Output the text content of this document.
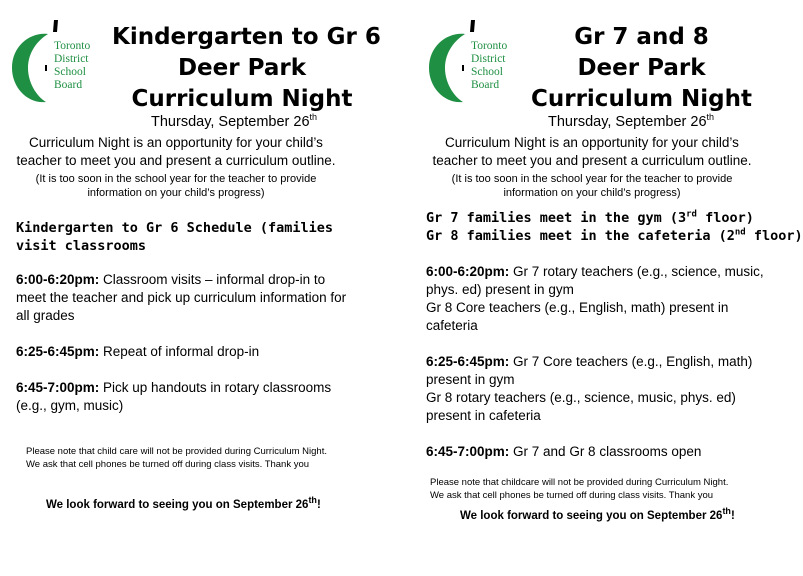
Toronto
District
School
Board
Kindergarten to Gr 6
Deer Park
Curriculum Night
Thursday, September 26th
Curriculum Night is an opportunity for your child’s
teacher to meet you and present a curriculum outline.
(It is too soon in the school year for the teacher to provide
information on your child’s progress)
Kindergarten to Gr 6 Schedule (families visit classrooms
6:00-6:20pm: Classroom visits – informal drop-in to meet the teacher and pick up curriculum information for all grades
6:25-6:45pm: Repeat of informal drop-in
6:45-7:00pm: Pick up handouts in rotary classrooms (e.g., gym, music)
Please note that child care will not be provided during Curriculum Night.
We ask that cell phones be turned off during class visits. Thank you
We look forward to seeing you on September 26th!
Toronto
District
School
Board
Gr 7 and 8
Deer Park
Curriculum Night
Thursday, September 26th
Curriculum Night is an opportunity for your child’s
teacher to meet you and present a curriculum outline.
(It is too soon in the school year for the teacher to provide
information on your child’s progress)
Gr 7 families meet in the gym (3rd floor)
Gr 8 families meet in the cafeteria (2nd floor)
6:00-6:20pm: Gr 7 rotary teachers (e.g., science, music, phys. ed) present in gym
Gr 8 Core teachers (e.g., English, math) present in cafeteria
6:25-6:45pm: Gr 7 Core teachers (e.g., English, math) present in gym
Gr 8 rotary teachers (e.g., science, music, phys. ed) present in cafeteria
6:45-7:00pm: Gr 7 and Gr 8 classrooms open
Please note that childcare will not be provided during Curriculum Night.
We ask that cell phones be turned off during class visits. Thank you
We look forward to seeing you on September 26th!
